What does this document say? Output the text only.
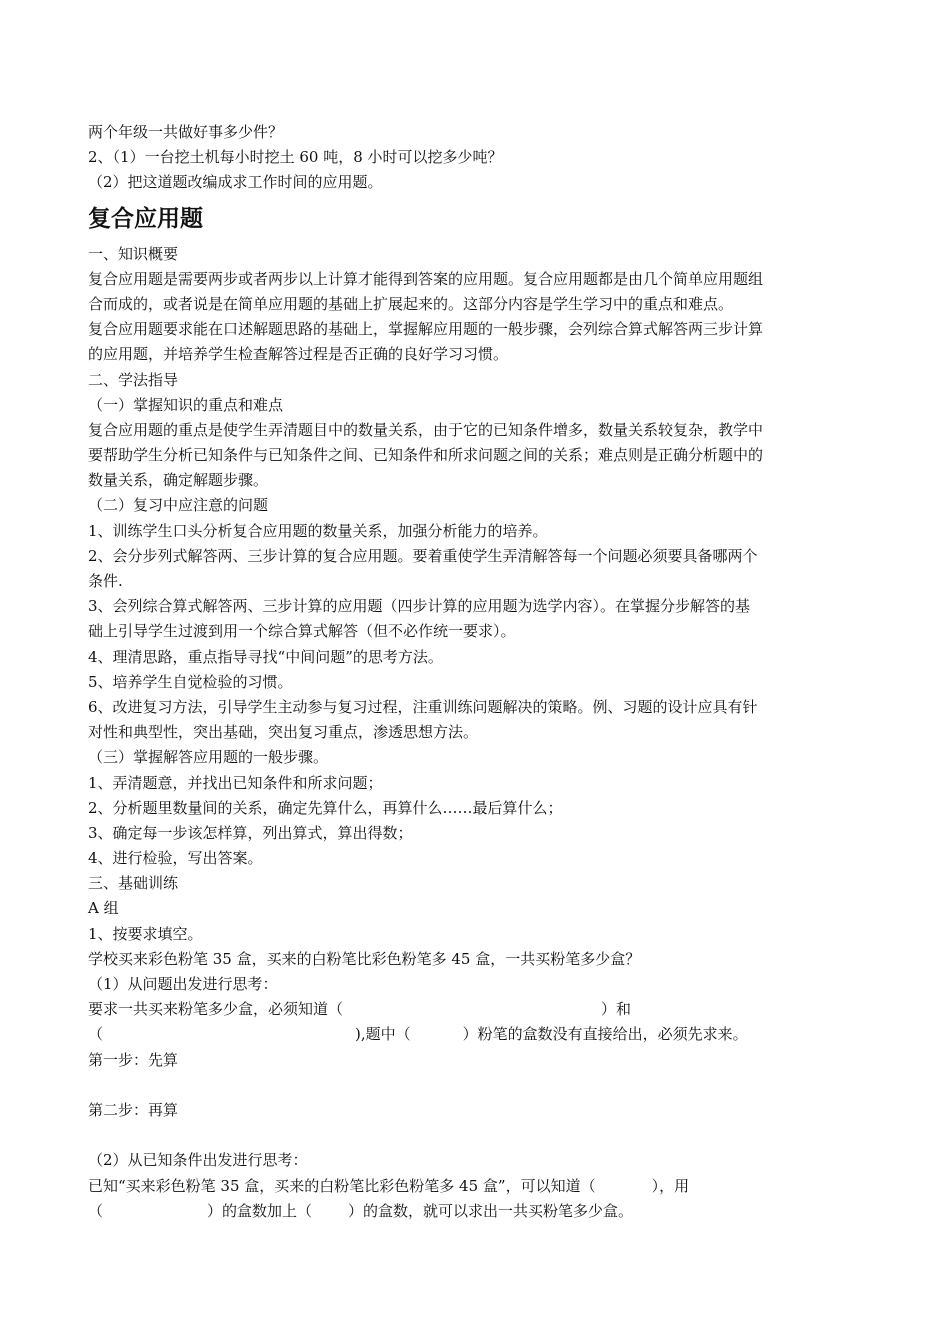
两个年级一共做好事多少件？

2、（1）一台挖土机每小时挖土 60 吨，8 小时可以挖多少吨？

（2）把这道题改编成求工作时间的应用题。

复合应用题

一、知识概要

复合应用题是需要两步或者两步以上计算才能得到答案的应用题。复合应用题都是由几个简单应用题组

合而成的，或者说是在简单应用题的基础上扩展起来的。这部分内容是学生学习中的重点和难点。

复合应用题要求能在口述解题思路的基础上，掌握解应用题的一般步骤，会列综合算式解答两三步计算

的应用题，并培养学生检查解答过程是否正确的良好学习习惯。

二、学法指导

（一）掌握知识的重点和难点

复合应用题的重点是使学生弄清题目中的数量关系，由于它的已知条件增多，数量关系较复杂，教学中

要帮助学生分析已知条件与已知条件之间、已知条件和所求问题之间的关系；难点则是正确分析题中的

数量关系，确定解题步骤。

（二）复习中应注意的问题

1、训练学生口头分析复合应用题的数量关系，加强分析能力的培养。

2、会分步列式解答两、三步计算的复合应用题。要着重使学生弄清解答每一个问题必须要具备哪两个

条件.

3、会列综合算式解答两、三步计算的应用题（四步计算的应用题为选学内容）。在掌握分步解答的基

础上引导学生过渡到用一个综合算式解答（但不必作统一要求）。

4、理清思路，重点指导寻找“中间问题”的思考方法。

5、培养学生自觉检验的习惯。

6、改进复习方法，引导学生主动参与复习过程，注重训练问题解决的策略。例、习题的设计应具有针

对性和典型性，突出基础，突出复习重点，渗透思想方法。

（三）掌握解答应用题的一般步骤。

1、弄清题意，并找出已知条件和所求问题；

2、分析题里数量间的关系，确定先算什么，再算什么……最后算什么；

3、确定每一步该怎样算，列出算式，算出得数；

4、进行检验，写出答案。

三、基础训练

A 组

1、按要求填空。

学校买来彩色粉笔 35 盒，买来的白粉笔比彩色粉笔多 45 盒，一共买粉笔多少盒？

（1）从问题出发进行思考：

要求一共买来粉笔多少盒，必须知道（	）和

（	),题中（	）粉笔的盒数没有直接给出，必须先求来。

第一步：先算

第二步：再算

（2）从已知条件出发进行思考：

已知“买来彩色粉笔 35 盒，买来的白粉笔比彩色粉笔多 45 盒”，可以知道（	），用

（	）的盒数加上（ ）的盒数，就可以求出一共买粉笔多少盒。
